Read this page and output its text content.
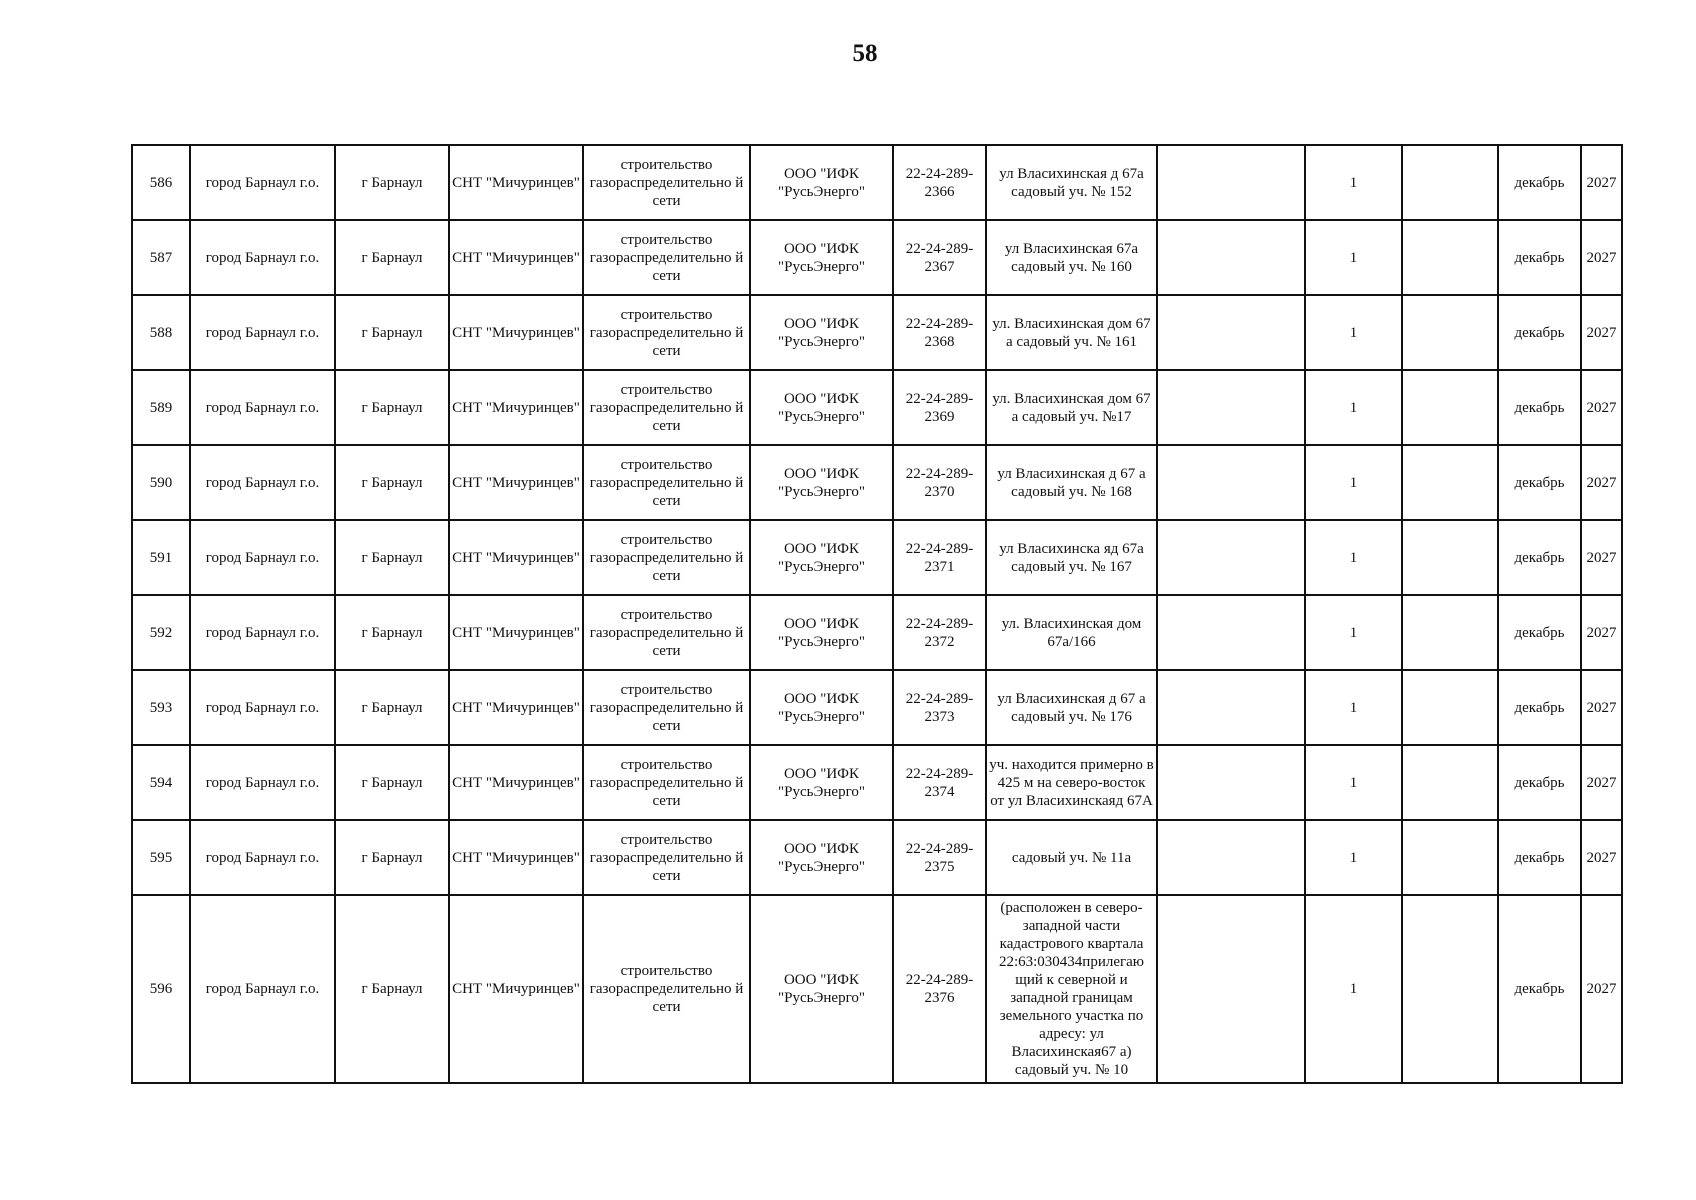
58
586	город Барнаул г.о.	г Барнаул	СНТ "Мичуринцев"	строительство газораспределительно й сети	ООО "ИФК "РусьЭнерго"	22-24-289-2366	ул Власихинская д 67а садовый уч. № 152		1		декабрь	2027
587	город Барнаул г.о.	г Барнаул	СНТ "Мичуринцев"	строительство газораспределительно й сети	ООО "ИФК "РусьЭнерго"	22-24-289-2367	ул Власихинская 67а садовый уч. № 160		1		декабрь	2027
588	город Барнаул г.о.	г Барнаул	СНТ "Мичуринцев"	строительство газораспределительно й сети	ООО "ИФК "РусьЭнерго"	22-24-289-2368	ул. Власихинская дом 67 а садовый уч. № 161		1		декабрь	2027
589	город Барнаул г.о.	г Барнаул	СНТ "Мичуринцев"	строительство газораспределительно й сети	ООО "ИФК "РусьЭнерго"	22-24-289-2369	ул. Власихинская дом 67 а садовый уч. №17		1		декабрь	2027
590	город Барнаул г.о.	г Барнаул	СНТ "Мичуринцев"	строительство газораспределительно й сети	ООО "ИФК "РусьЭнерго"	22-24-289-2370	ул Власихинская д 67 а садовый уч. № 168		1		декабрь	2027
591	город Барнаул г.о.	г Барнаул	СНТ "Мичуринцев"	строительство газораспределительно й сети	ООО "ИФК "РусьЭнерго"	22-24-289-2371	ул Власихинска яд 67а садовый уч. № 167		1		декабрь	2027
592	город Барнаул г.о.	г Барнаул	СНТ "Мичуринцев"	строительство газораспределительно й сети	ООО "ИФК "РусьЭнерго"	22-24-289-2372	ул. Власихинская дом 67а/166		1		декабрь	2027
593	город Барнаул г.о.	г Барнаул	СНТ "Мичуринцев"	строительство газораспределительно й сети	ООО "ИФК "РусьЭнерго"	22-24-289-2373	ул Власихинская д 67 а садовый уч. № 176		1		декабрь	2027
594	город Барнаул г.о.	г Барнаул	СНТ "Мичуринцев"	строительство газораспределительно й сети	ООО "ИФК "РусьЭнерго"	22-24-289-2374	уч. находится примерно в 425 м на северо-восток от ул Власихинскаяд 67А		1		декабрь	2027
595	город Барнаул г.о.	г Барнаул	СНТ "Мичуринцев"	строительство газораспределительно й сети	ООО "ИФК "РусьЭнерго"	22-24-289-2375	садовый уч. № 11а		1		декабрь	2027
596	город Барнаул г.о.	г Барнаул	СНТ "Мичуринцев"	строительство газораспределительно й сети	ООО "ИФК "РусьЭнерго"	22-24-289-2376	(расположен в северо-западной части кадастрового квартала 22:63:030434прилегаю щий к северной и западной границам земельного участка по адресу: ул Власихинская67 а) садовый уч. № 10		1		декабрь	2027
